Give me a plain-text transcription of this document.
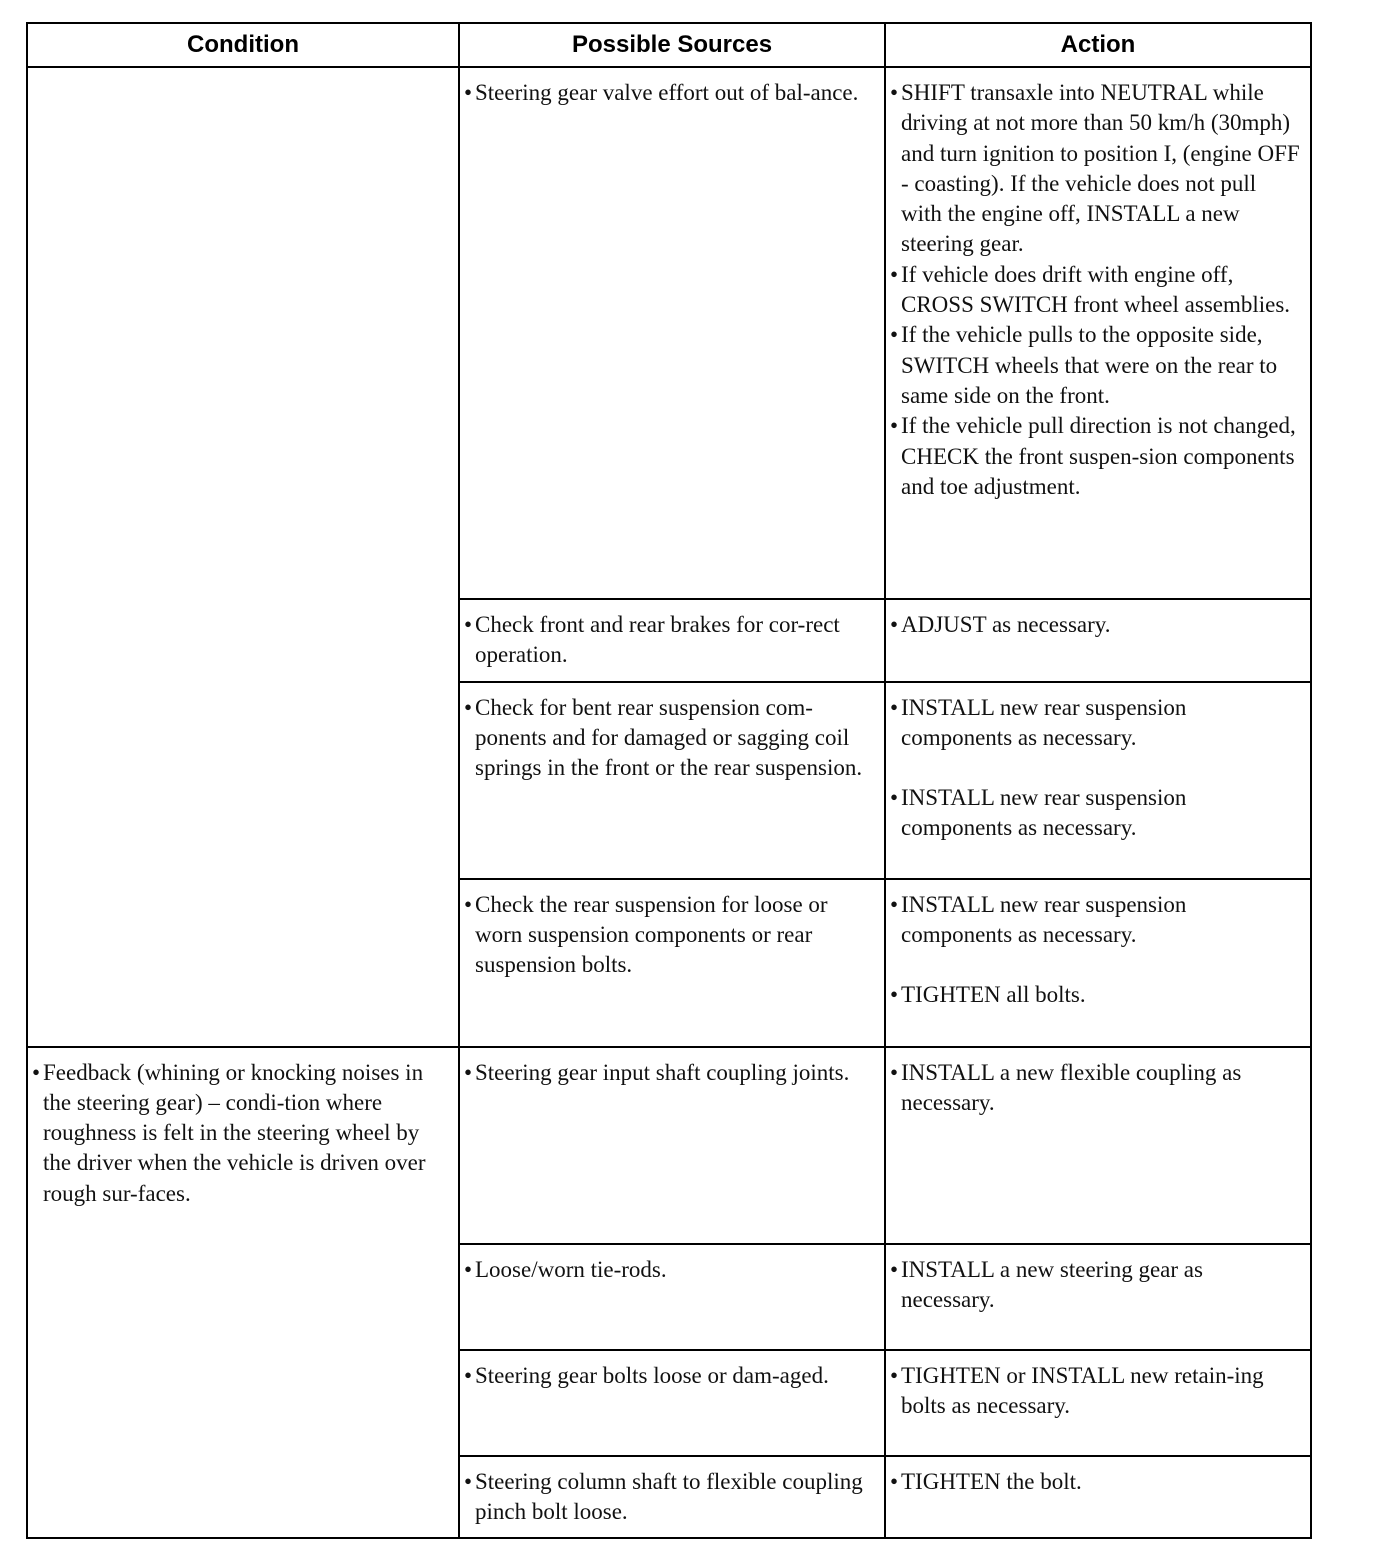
Condition	Possible Sources	Action

	• Steering gear valve effort out of bal-ance.	• SHIFT transaxle into NEUTRAL while driving at not more than 50 km/h (30mph) and turn ignition to position I, (engine OFF - coasting). If the vehicle does not pull with the engine off, INSTALL a new steering gear.
• If vehicle does drift with engine off, CROSS SWITCH front wheel assemblies.
• If the vehicle pulls to the opposite side, SWITCH wheels that were on the rear to same side on the front.
• If the vehicle pull direction is not changed, CHECK the front suspen-sion components and toe adjustment.

	• Check front and rear brakes for cor-rect operation.	• ADJUST as necessary.

	• Check for bent rear suspension com-ponents and for damaged or sagging coil springs in the front or the rear suspension.	• INSTALL new rear suspension components as necessary.
• INSTALL new rear suspension components as necessary.

	• Check the rear suspension for loose or worn suspension components or rear suspension bolts.	• INSTALL new rear suspension components as necessary.
• TIGHTEN all bolts.

• Feedback (whining or knocking noises in the steering gear) – condi-tion where roughness is felt in the steering wheel by the driver when the vehicle is driven over rough sur-faces.	• Steering gear input shaft coupling joints.	• INSTALL a new flexible coupling as necessary.

	• Loose/worn tie-rods.	• INSTALL a new steering gear as necessary.

	• Steering gear bolts loose or dam-aged.	• TIGHTEN or INSTALL new retain-ing bolts as necessary.

	• Steering column shaft to flexible coupling pinch bolt loose.	• TIGHTEN the bolt.
